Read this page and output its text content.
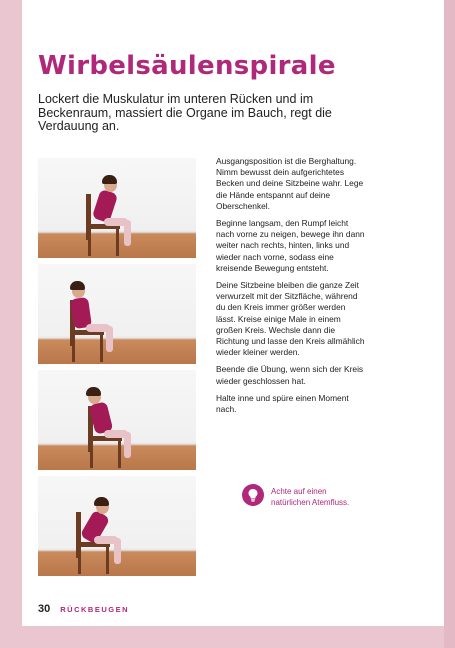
Wirbelsäulenspirale

Lockert die Muskulatur im unteren Rücken und im Beckenraum, massiert die Organe im Bauch, regt die Verdauung an.

Ausgangsposition ist die Berghaltung. Nimm bewusst dein aufgerichtetes Becken und deine Sitzbeine wahr. Lege die Hände entspannt auf deine Oberschenkel.

Beginne langsam, den Rumpf leicht nach vorne zu neigen, bewege ihn dann weiter nach rechts, hinten, links und wieder nach vorne, sodass eine kreisende Bewegung entsteht.

Deine Sitzbeine bleiben die ganze Zeit verwurzelt mit der Sitzfläche, während du den Kreis immer größer werden lässt. Kreise einige Male in einem großen Kreis. Wechsle dann die Richtung und lasse den Kreis allmählich wieder kleiner werden.

Beende die Übung, wenn sich der Kreis wieder geschlossen hat.

Halte inne und spüre einen Moment nach.

Achte auf einen natürlichen Atemfluss.
30 RÜCKBEUGEN
